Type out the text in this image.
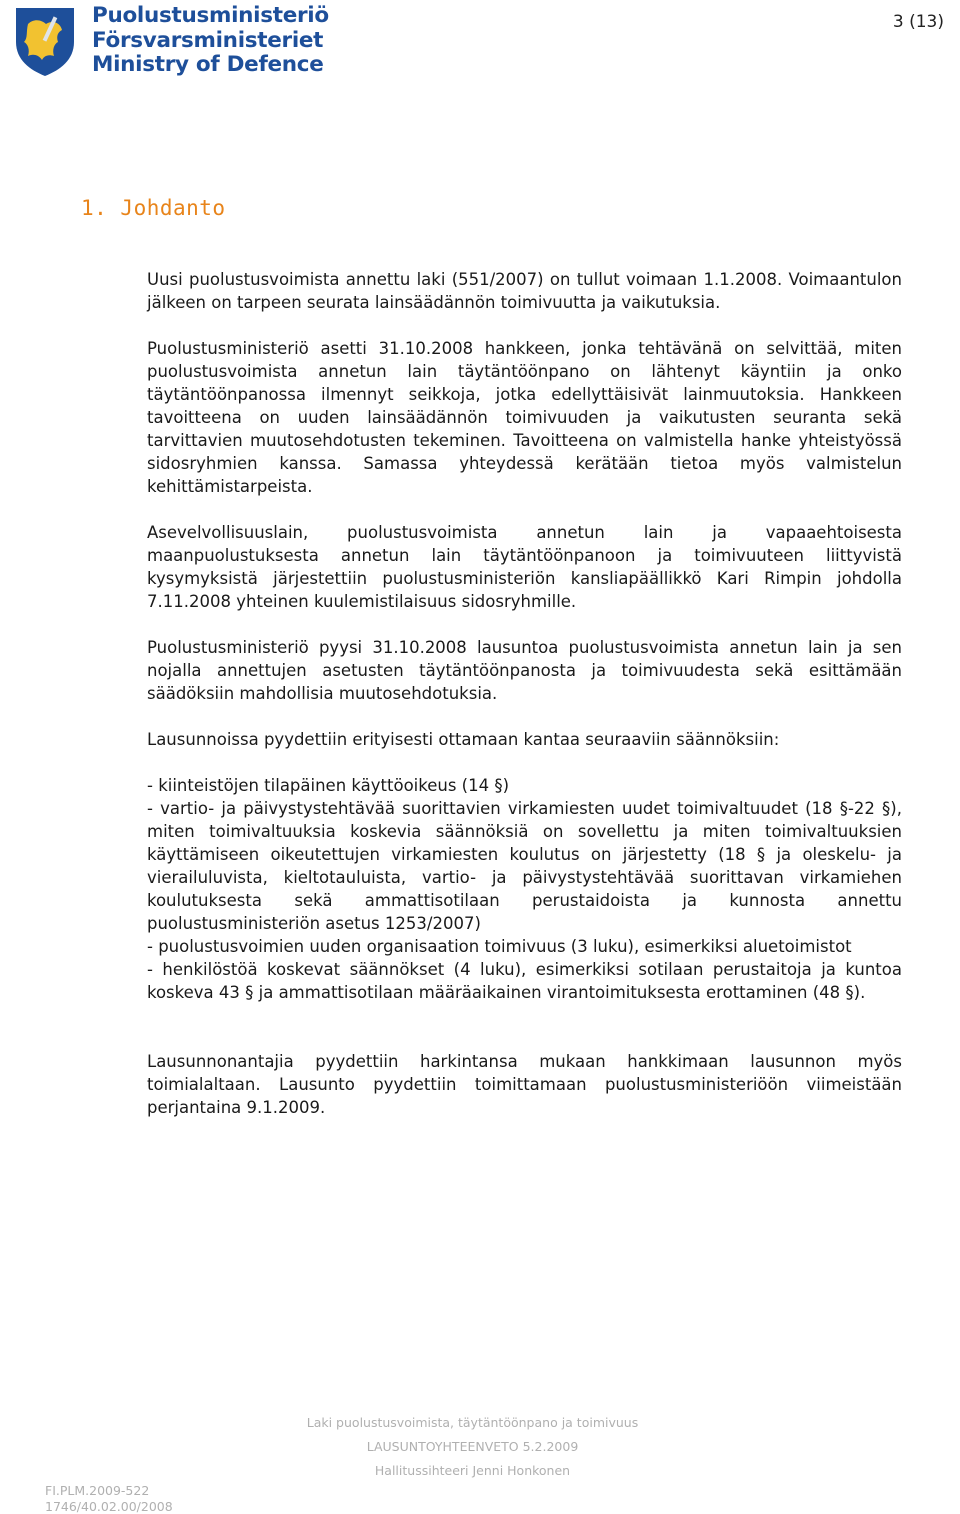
Puolustusministeriö
Försvarsministeriet
Ministry of Defence
3 (13)
1. Johdanto

Uusi puolustusvoimista annettu laki (551/2007) on tullut voimaan 1.1.2008. Voimaantulon jälkeen on tarpeen seurata lainsäädännön toimivuutta ja vaikutuksia.

Puolustusministeriö asetti 31.10.2008 hankkeen, jonka tehtävänä on selvittää, miten puolustusvoimista annetun lain täytäntöönpano on lähtenyt käyntiin ja onko täytäntöönpanossa ilmennyt seikkoja, jotka edellyttäisivät lainmuutoksia. Hankkeen tavoitteena on uuden lainsäädännön toimivuuden ja vaikutusten seuranta sekä tarvittavien muutosehdotusten tekeminen. Tavoitteena on valmistella hanke yhteistyössä sidosryhmien kanssa. Samassa yhteydessä kerätään tietoa myös valmistelun kehittämistarpeista.

Asevelvollisuuslain, puolustusvoimista annetun lain ja vapaaehtoisesta maanpuolustuksesta annetun lain täytäntöönpanoon ja toimivuuteen liittyvistä kysymyksistä järjestettiin puolustusministeriön kansliapäällikkö Kari Rimpin johdolla 7.11.2008 yhteinen kuulemistilaisuus sidosryhmille.

Puolustusministeriö pyysi 31.10.2008 lausuntoa puolustusvoimista annetun lain ja sen nojalla annettujen asetusten täytäntöönpanosta ja toimivuudesta sekä esittämään säädöksiin mahdollisia muutosehdotuksia.

Lausunnoissa pyydettiin erityisesti ottamaan kantaa seuraaviin säännöksiin:

- kiinteistöjen tilapäinen käyttöoikeus (14 §)

- vartio- ja päivystystehtävää suorittavien virkamiesten uudet toimivaltuudet (18 §-22 §), miten toimivaltuuksia koskevia säännöksiä on sovellettu ja miten toimivaltuuksien käyttämiseen oikeutettujen virkamiesten koulutus on järjestetty (18 § ja oleskelu- ja vierailuluvista, kieltotauluista, vartio- ja päivystystehtävää suorittavan virkamiehen koulutuksesta sekä ammattisotilaan perustaidoista ja kunnosta annettu puolustusministeriön asetus 1253/2007)

- puolustusvoimien uuden organisaation toimivuus (3 luku), esimerkiksi aluetoimistot

- henkilöstöä koskevat säännökset (4 luku), esimerkiksi sotilaan perustaitoja ja kuntoa koskeva 43 § ja ammattisotilaan määräaikainen virantoimituksesta erottaminen (48 §).

Lausunnonantajia pyydettiin harkintansa mukaan hankkimaan lausunnon myös toimialaltaan. Lausunto pyydettiin toimittamaan puolustusministeriöön viimeistään perjantaina 9.1.2009.

Laki puolustusvoimista, täytäntöönpano ja toimivuus
LAUSUNTOYHTEENVETO 5.2.2009
Hallitussihteeri Jenni Honkonen
FI.PLM.2009-522
1746/40.02.00/2008
